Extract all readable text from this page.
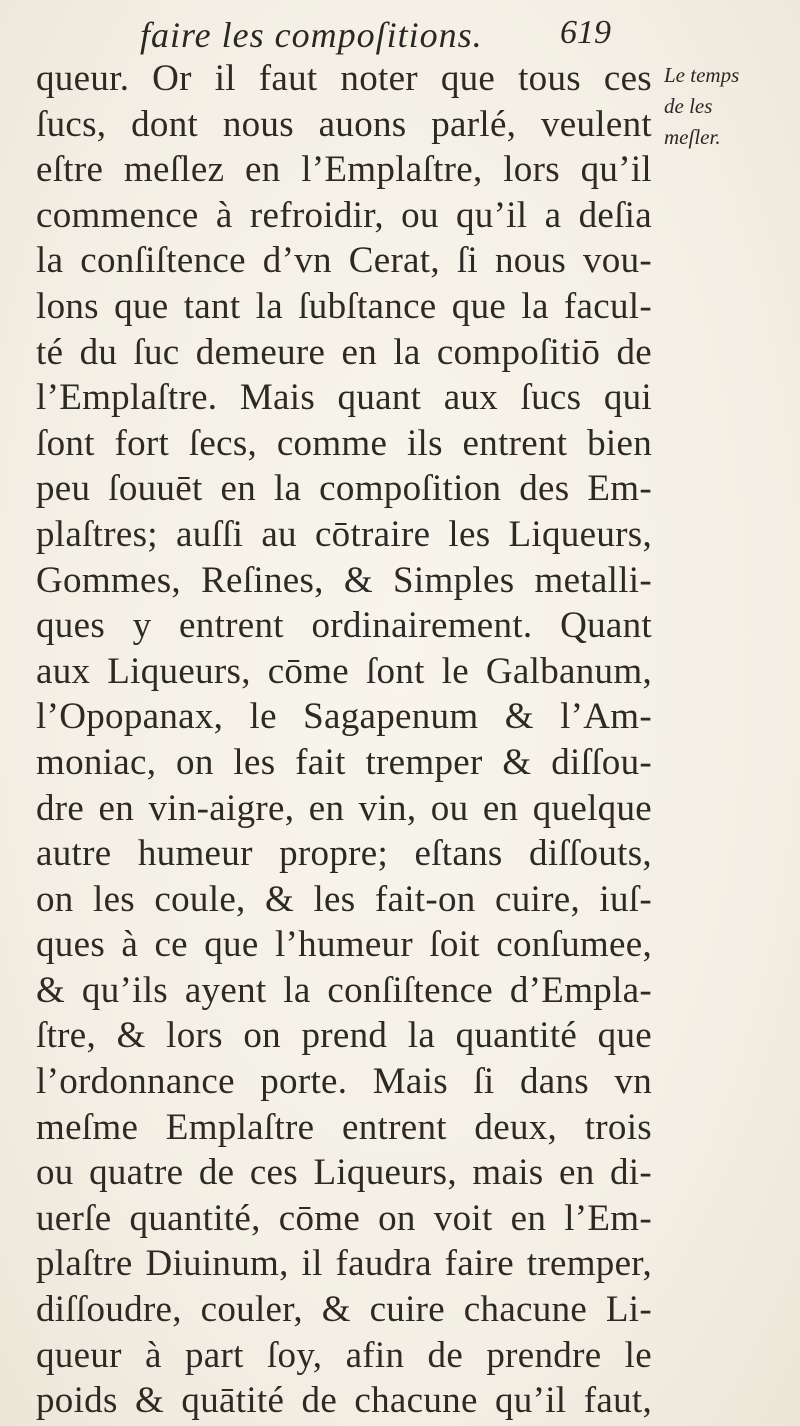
faire les compoſitions. 619
Le temps
de les
meſler.
queur. Or il faut noter que tous ces
ſucs, dont nous auons parlé, veulent
eſtre meſlez en l’Emplaſtre, lors qu’il
commence à refroidir, ou qu’il a deſia
la conſiſtence d’vn Cerat, ſi nous vou-
lons que tant la ſubſtance que la facul-
té du ſuc demeure en la compoſitiō de
l’Emplaſtre. Mais quant aux ſucs qui
ſont fort ſecs, comme ils entrent bien
peu ſouuēt en la compoſition des Em-
plaſtres; auſſi au cōtraire les Liqueurs,
Gommes, Reſines, & Simples metalli-
ques y entrent ordinairement. Quant
aux Liqueurs, cōme ſont le Galbanum,
l’Opopanax, le Sagapenum & l’Am-
moniac, on les fait tremper & diſſou-
dre en vin-aigre, en vin, ou en quelque
autre humeur propre; eſtans diſſouts,
on les coule, & les fait-on cuire, iuſ-
ques à ce que l’humeur ſoit conſumee,
& qu’ils ayent la conſiſtence d’Empla-
ſtre, & lors on prend la quantité que
l’ordonnance porte. Mais ſi dans vn
meſme Emplaſtre entrent deux, trois
ou quatre de ces Liqueurs, mais en di-
uerſe quantité, cōme on voit en l’Em-
plaſtre Diuinum, il faudra faire tremper,
diſſoudre, couler, & cuire chacune Li-
queur à part ſoy, afin de prendre le
poids & quātité de chacune qu’il faut,
